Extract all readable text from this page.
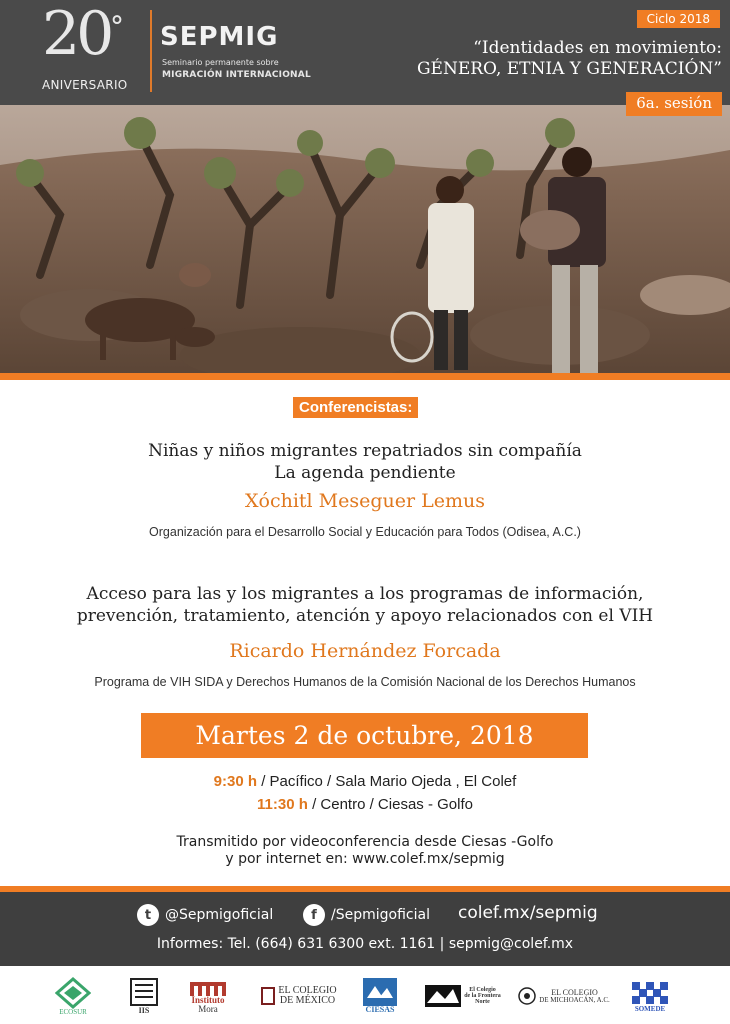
20 °
ANIVERSARIO
SEPMIG
Seminario permanente sobre
MIGRACIÓN INTERNACIONAL
Ciclo 2018
“Identidades en movimiento:
GÉNERO, ETNIA Y GENERACIÓN”
6a. sesión
Conferencistas:
Niñas y niños migrantes repatriados sin compañía
La agenda pendiente
Xóchitl Meseguer Lemus
Organización para el Desarrollo Social y Educación para Todos (Odisea, A.C.)
Acceso para las y los migrantes a los programas de información,
prevención, tratamiento, atención y apoyo relacionados con el VIH
Ricardo Hernández Forcada
Programa de VIH SIDA y Derechos Humanos de la Comisión Nacional de los Derechos Humanos
Martes 2 de octubre, 2018
9:30 h / Pacífico / Sala Mario Ojeda , El Colef
11:30 h / Centro / Ciesas - Golfo
Transmitido por videoconferencia desde Ciesas -Golfo
y por internet en: www.colef.mx/sepmig
t @Sepmigoficial	f	/Sepmigoficial colef.mx/sepmig
Informes: Tel. (664) 631 6300 ext. 1161 | sepmig@colef.mx
ECOSUR	IIS
Instituto
Mora
EL COLEGIO
DE MÉXICO
CIESAS
El Colegio
de la Frontera
Norte
EL COLEGIO
DE MICHOACÁN, A.C.
SOMEDE
